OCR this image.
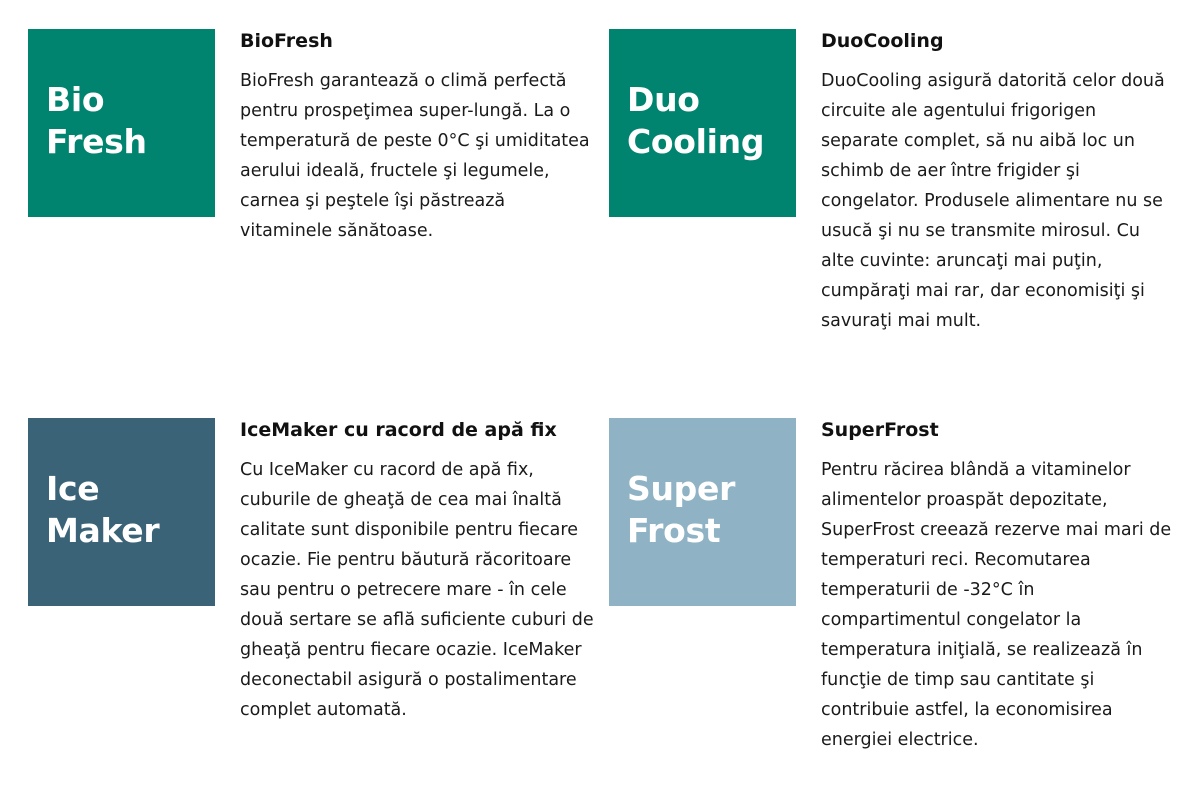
Bio
Fresh
BioFresh

BioFresh garantează o climă perfectă pentru prospeţimea super-lungă. La o temperatură de peste 0°C şi umiditatea aerului ideală, fructele şi legumele, carnea şi peştele îşi păstrează vitaminele sănătoase.

Duo
Cooling
DuoCooling

DuoCooling asigură datorită celor două circuite ale agentului frigorigen separate complet, să nu aibă loc un schimb de aer între frigider şi congelator. Produsele alimentare nu se usucă şi nu se transmite mirosul. Cu alte cuvinte: aruncaţi mai puţin, cumpăraţi mai rar, dar economisiţi şi savuraţi mai mult.

Ice
Maker
IceMaker cu racord de apă fix

Cu IceMaker cu racord de apă fix, cuburile de gheaţă de cea mai înaltă calitate sunt disponibile pentru fiecare ocazie. Fie pentru băutură răcoritoare sau pentru o petrecere mare - în cele două sertare se află suficiente cuburi de gheaţă pentru fiecare ocazie. IceMaker deconectabil asigură o postalimentare complet automată.

Super
Frost
SuperFrost

Pentru răcirea blândă a vitaminelor alimentelor proaspăt depozitate, SuperFrost creează rezerve mai mari de temperaturi reci. Recomutarea temperaturii de -32°C în compartimentul congelator la temperatura iniţială, se realizează în funcţie de timp sau cantitate şi contribuie astfel, la economisirea energiei electrice.
